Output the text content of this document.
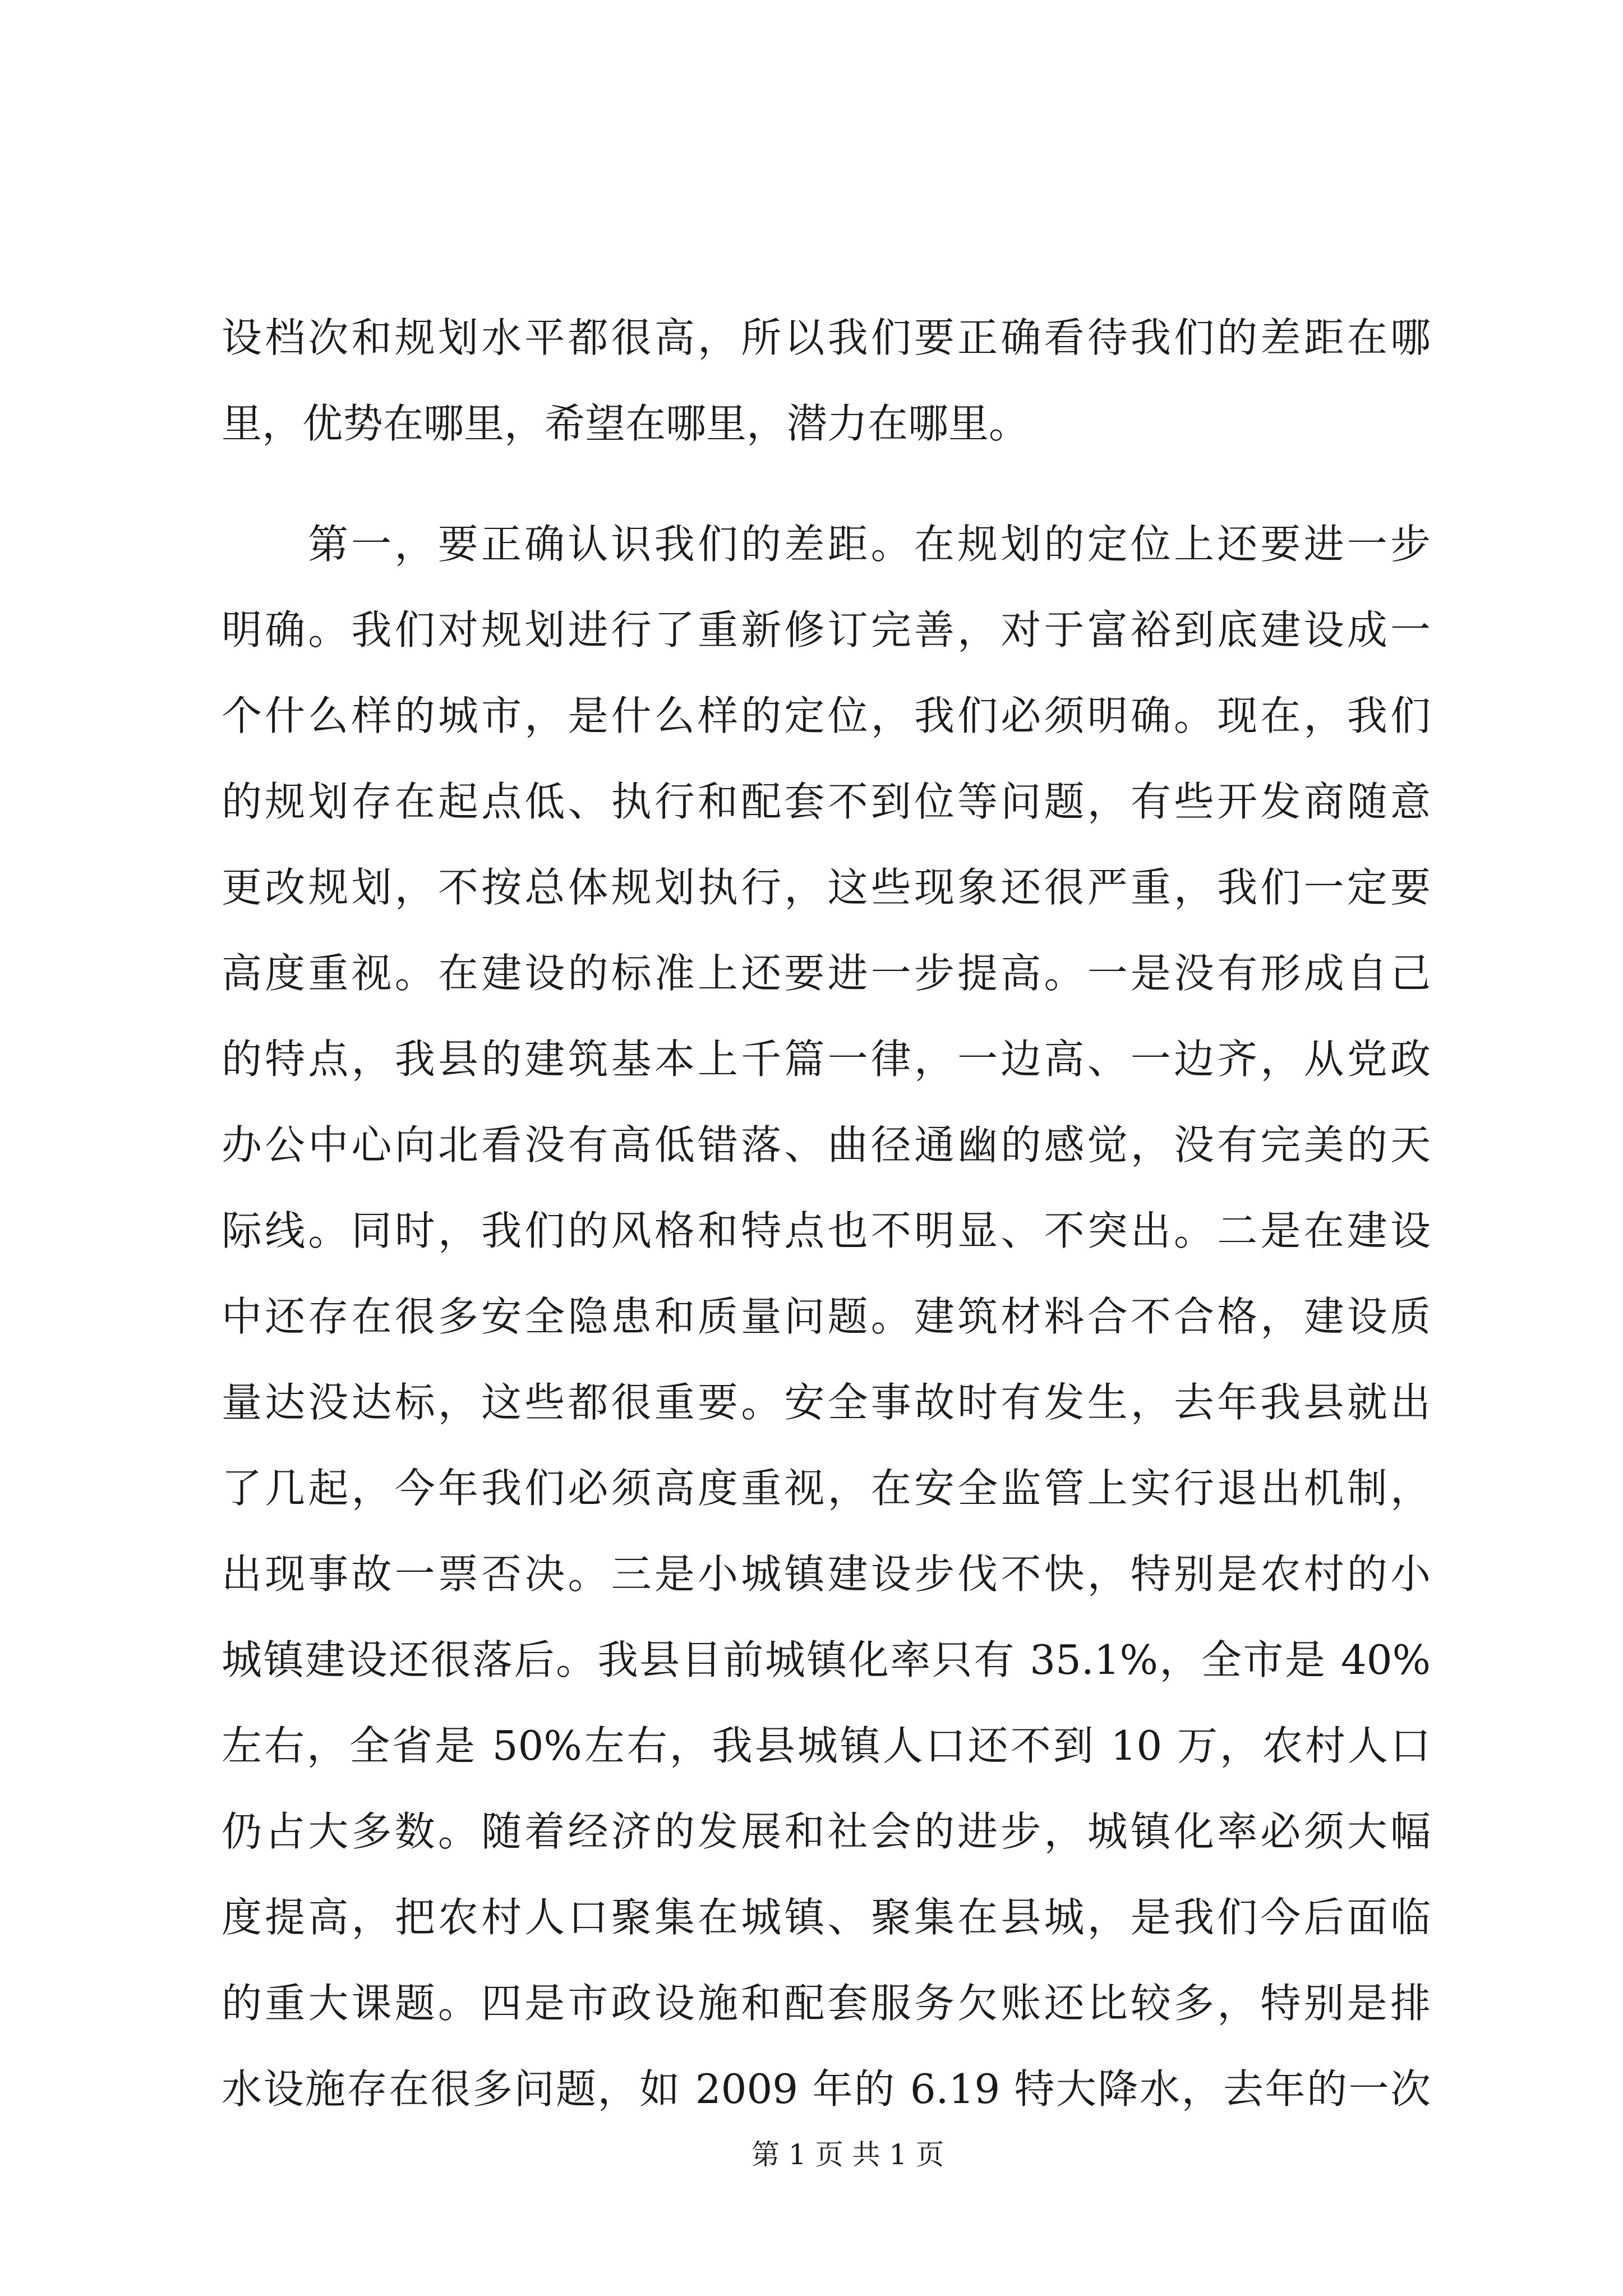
设档次和规划水平都很高，所以我们要正确看待我们的差距在哪
里，优势在哪里，希望在哪里，潜力在哪里。
第一，要正确认识我们的差距。在规划的定位上还要进一步
明确。我们对规划进行了重新修订完善，对于富裕到底建设成一
个什么样的城市，是什么样的定位，我们必须明确。现在，我们
的规划存在起点低、执行和配套不到位等问题，有些开发商随意
更改规划，不按总体规划执行，这些现象还很严重，我们一定要
高度重视。在建设的标准上还要进一步提高。一是没有形成自己
的特点，我县的建筑基本上千篇一律，一边高、一边齐，从党政
办公中心向北看没有高低错落、曲径通幽的感觉，没有完美的天
际线。同时，我们的风格和特点也不明显、不突出。二是在建设
中还存在很多安全隐患和质量问题。建筑材料合不合格，建设质
量达没达标，这些都很重要。安全事故时有发生，去年我县就出
了几起，今年我们必须高度重视，在安全监管上实行退出机制，
出现事故一票否决。三是小城镇建设步伐不快，特别是农村的小
城镇建设还很落后。我县目前城镇化率只有 35.1%，全市是 40%
左右，全省是 50%左右，我县城镇人口还不到 10 万，农村人口
仍占大多数。随着经济的发展和社会的进步，城镇化率必须大幅
度提高，把农村人口聚集在城镇、聚集在县城，是我们今后面临
的重大课题。四是市政设施和配套服务欠账还比较多，特别是排
水设施存在很多问题，如 2009 年的 6.19 特大降水，去年的一次
第 1 页 共 1 页
